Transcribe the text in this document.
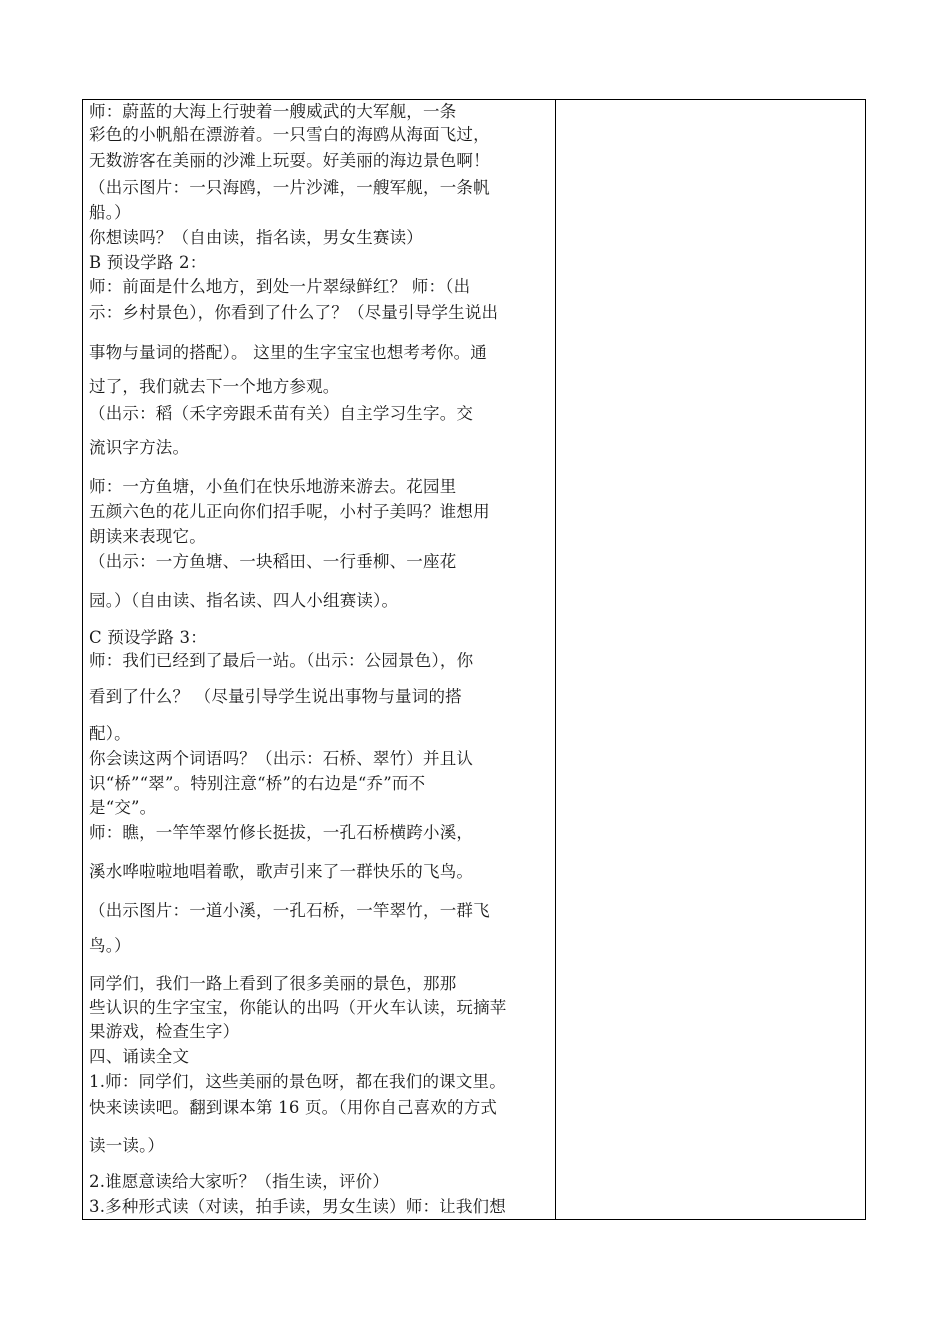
师：蔚蓝的大海上行驶着一艘威武的大军舰，一条
彩色的小帆船在漂游着。一只雪白的海鸥从海面飞过，
无数游客在美丽的沙滩上玩耍。好美丽的海边景色啊！
（出示图片：一只海鸥，一片沙滩，一艘军舰，一条帆
船。）
你想读吗？（自由读，指名读，男女生赛读）
B 预设学路 2：
师：前面是什么地方，到处一片翠绿鲜红？ 师：（出
示：乡村景色），你看到了什么了？（尽量引导学生说出
事物与量词的搭配）。 这里的生字宝宝也想考考你。通
过了，我们就去下一个地方参观。
（出示：稻（禾字旁跟禾苗有关）自主学习生字。交
流识字方法。
师：一方鱼塘，小鱼们在快乐地游来游去。花园里
五颜六色的花儿正向你们招手呢，小村子美吗？谁想用
朗读来表现它。
（出示：一方鱼塘、一块稻田、一行垂柳、一座花
园。）（自由读、指名读、四人小组赛读）。
C 预设学路 3：
师：我们已经到了最后一站。（出示：公园景色），你
看到了什么？ （尽量引导学生说出事物与量词的搭
配）。
你会读这两个词语吗？（出示：石桥、翠竹）并且认
识“桥”“翠”。特别注意“桥”的右边是“乔”而不
是“交”。
师：瞧，一竿竿翠竹修长挺拔，一孔石桥横跨小溪，
溪水哗啦啦地唱着歌，歌声引来了一群快乐的飞鸟。
（出示图片：一道小溪，一孔石桥，一竿翠竹，一群飞
鸟。）
同学们，我们一路上看到了很多美丽的景色，那那
些认识的生字宝宝，你能认的出吗（开火车认读，玩摘苹
果游戏，检查生字）
四、诵读全文
1.师：同学们，这些美丽的景色呀，都在我们的课文里。
快来读读吧。翻到课本第 16 页。（用你自己喜欢的方式
读一读。）
2.谁愿意读给大家听？（指生读，评价）
3.多种形式读（对读，拍手读，男女生读）师：让我们想
